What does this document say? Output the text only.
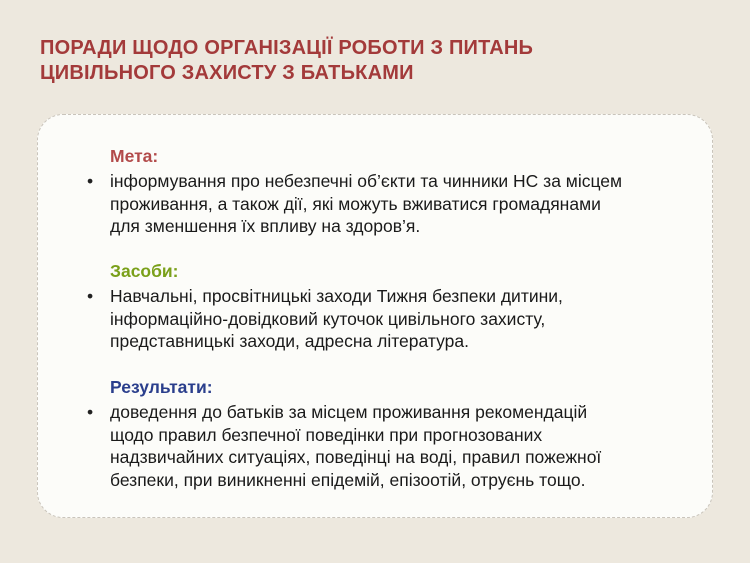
ПОРАДИ ЩОДО ОРГАНІЗАЦІЇ РОБОТИ З ПИТАНЬ
ЦИВІЛЬНОГО ЗАХИСТУ З БАТЬКАМИ
Мета:
• інформування про небезпечні об’єкти та чинники НС за місцем
проживання, а також дії, які можуть вживатися громадянами
для зменшення їх впливу на здоров’я.
Засоби:
• Навчальні, просвітницькі заходи Тижня безпеки дитини,
інформаційно-довідковий куточок цивільного захисту,
представницькі заходи, адресна література.
Результати:
• доведення до батьків за місцем проживання рекомендацій
щодо правил безпечної поведінки при прогнозованих
надзвичайних ситуаціях, поведінці на воді, правил пожежної
безпеки, при виникненні епідемій, епізоотій, отруєнь тощо.
